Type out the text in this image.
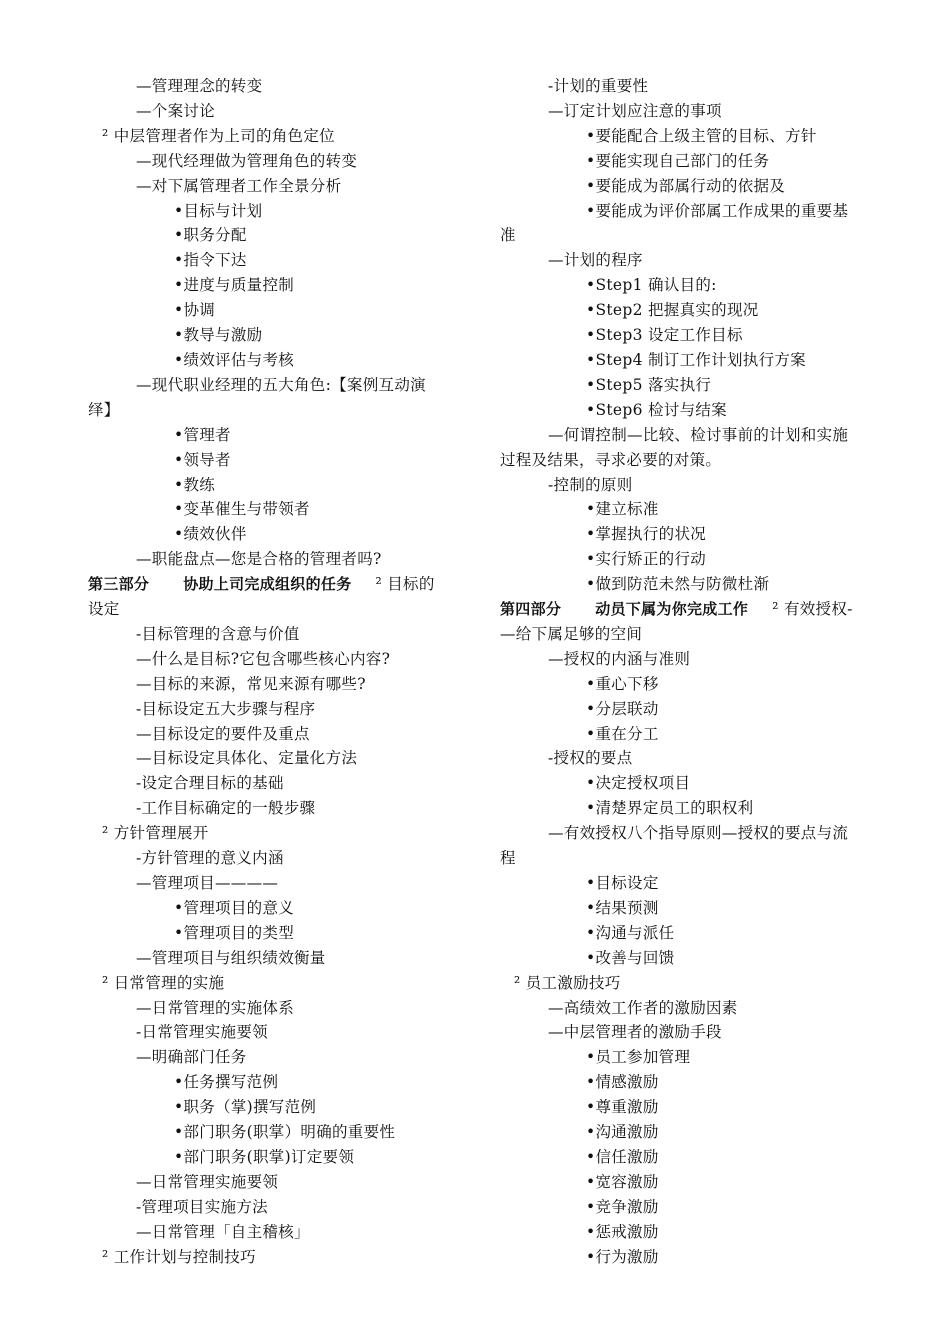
—管理理念的转变
—个案讨论
² 中层管理者作为上司的角色定位
—现代经理做为管理角色的转变
—对下属管理者工作全景分析
•目标与计划
•职务分配
•指令下达
•进度与质量控制
•协调
•教导与激励
•绩效评估与考核
—现代职业经理的五大角色:【案例互动演
绎】
•管理者
•领导者
•教练
•变革催生与带领者
•绩效伙伴
—职能盘点—您是合格的管理者吗?
第三部分 协助上司完成组织的任务 ² 目标的
设定
-目标管理的含意与价值
—什么是目标?它包含哪些核心内容?
—目标的来源，常见来源有哪些?
-目标设定五大步骤与程序
—目标设定的要件及重点
—目标设定具体化、定量化方法
-设定合理目标的基础
-工作目标确定的一般步骤
² 方针管理展开
-方针管理的意义内涵
—管理项目————
•管理项目的意义
•管理项目的类型
—管理项目与组织绩效衡量
² 日常管理的实施
—日常管理的实施体系
-日常管理实施要领
—明确部门任务
•任务撰写范例
•职务（掌)撰写范例
•部门职务(职掌）明确的重要性
•部门职务(职掌)订定要领
—日常管理实施要领
-管理项目实施方法
—日常管理「自主稽核」
² 工作计划与控制技巧
-计划的重要性
—订定计划应注意的事项
•要能配合上级主管的目标、方针
•要能实现自己部门的任务
•要能成为部属行动的依据及
•要能成为评价部属工作成果的重要基
准
—计划的程序
•Step1 确认目的:
•Step2 把握真实的现况
•Step3 设定工作目标
•Step4 制订工作计划执行方案
•Step5 落实执行
•Step6 检讨与结案
—何谓控制—比较、检讨事前的计划和实施
过程及结果，寻求必要的对策。
-控制的原则
•建立标准
•掌握执行的状况
•实行矫正的行动
•做到防范未然与防微杜渐
第四部分 动员下属为你完成工作 ² 有效授权-
—给下属足够的空间
—授权的内涵与准则
•重心下移
•分层联动
•重在分工
-授权的要点
•决定授权项目
•清楚界定员工的职权利
—有效授权八个指导原则—授权的要点与流
程
•目标设定
•结果预测
•沟通与派任
•改善与回馈
² 员工激励技巧
—高绩效工作者的激励因素
—中层管理者的激励手段
•员工参加管理
•情感激励
•尊重激励
•沟通激励
•信任激励
•宽容激励
•竞争激励
•惩戒激励
•行为激励
